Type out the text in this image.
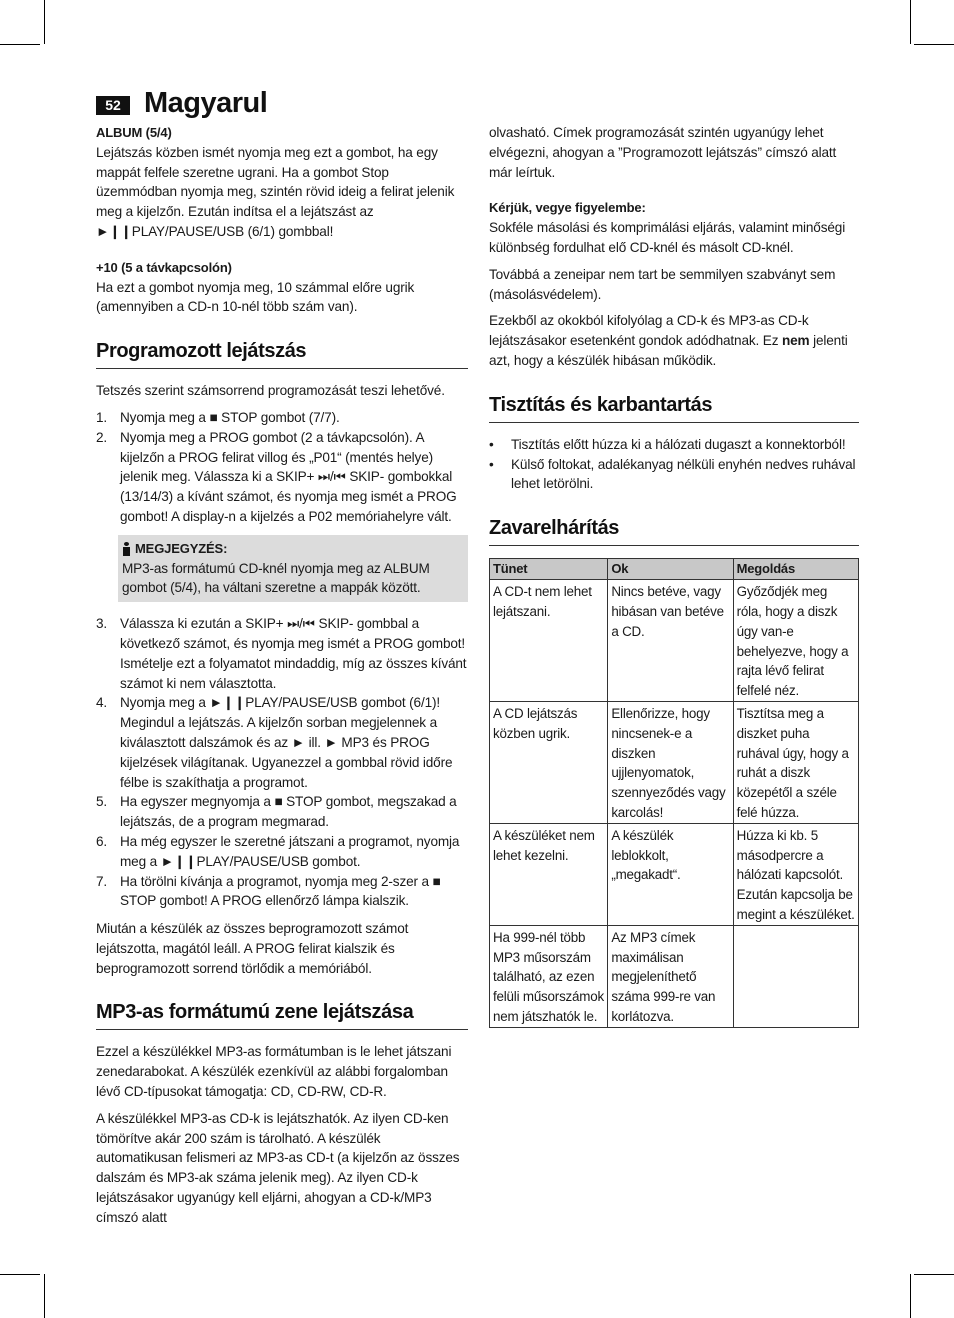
52 Magyarul

ALBUM (5/4)

Lejátszás közben ismét nyomja meg ezt a gombot, ha egy mappát felfele szeretne ugrani. Ha a gombot Stop üzemmódban nyomja meg, szintén rövid ideig a felirat jelenik meg a kijelzőn. Ezután indítsa el a lejátszást az ►❙❙PLAY/PAUSE/USB (6/1) gombbal!

+10 (5 a távkapcsolón)

Ha ezt a gombot nyomja meg, 10 számmal előre ugrik (amennyiben a CD-n 10-nél több szám van).

Programozott lejátszás

Tetszés szerint számsorrend programozását teszi lehetővé.

1. Nyomja meg a ■ STOP gombot (7/7).
2. Nyomja meg a PROG gombot (2 a távkapcsolón). A kijelzőn a PROG felirat villog és „P01“ (mentés helye) jelenik meg. Válassza ki a SKIP+ ⏭/⏮ SKIP- gombokkal (13/14/3) a kívánt számot, és nyomja meg ismét a PROG gombot! A display-n a kijelzés a P02 memóriahelyre vált.
MEGJEGYZÉS:
MP3-as formátumú CD-knél nyomja meg az ALBUM gombot (5/4), ha váltani szeretne a mappák között.
3. Válassza ki ezután a SKIP+ ⏭/⏮ SKIP- gombbal a következő számot, és nyomja meg ismét a PROG gombot! Ismételje ezt a folyamatot mindaddig, míg az összes kívánt számot ki nem választotta.
4. Nyomja meg a ►❙❙PLAY/PAUSE/USB gombot (6/1)! Megindul a lejátszás. A kijelzőn sorban megjelennek a kiválasztott dalszámok és az ► ill. ► MP3 és PROG kijelzések világítanak. Ugyanezzel a gombbal rövid időre félbe is szakíthatja a programot.
5. Ha egyszer megnyomja a ■ STOP gombot, megszakad a lejátszás, de a program megmarad.
6. Ha még egyszer le szeretné játszani a programot, nyomja meg a ►❙❙PLAY/PAUSE/USB gombot.
7. Ha törölni kívánja a programot, nyomja meg 2-szer a ■ STOP gombot! A PROG ellenőrző lámpa kialszik.

Miután a készülék az összes beprogramozott számot lejátszotta, magától leáll. A PROG felirat kialszik és beprogramozott sorrend törlődik a memóriából.

MP3-as formátumú zene lejátszása

Ezzel a készülékkel MP3-as formátumban is le lehet játszani zenedarabokat. A készülék ezenkívül az alábbi forgalomban lévő CD-típusokat támogatja: CD, CD-RW, CD-R.

A készülékkel MP3-as CD-k is lejátszhatók. Az ilyen CD-ken tömörítve akár 200 szám is tárolható. A készülék automatikusan felismeri az MP3-as CD-t (a kijelzőn az összes dalszám és MP3-ak száma jelenik meg). Az ilyen CD-k lejátszásakor ugyanúgy kell eljárni, ahogyan a CD-k/MP3 címszó alatt

olvasható. Címek programozását szintén ugyanúgy lehet elvégezni, ahogyan a ”Programozott lejátszás” címszó alatt már leírtuk.

Kérjük, vegye figyelembe:

Sokféle másolási és komprimálási eljárás, valamint minőségi különbség fordulhat elő CD-knél és másolt CD-knél.

Továbbá a zeneipar nem tart be semmilyen szabványt sem (másolásvédelem).

Ezekből az okokból kifolyólag a CD-k és MP3-as CD-k lejátszásakor esetenként gondok adódhatnak. Ez nem jelenti azt, hogy a készülék hibásan működik.

Tisztítás és karbantartás
• Tisztítás előtt húzza ki a hálózati dugaszt a konnektorból!
• Külső foltokat, adalékanyag nélküli enyhén nedves ruhával lehet letörölni.
Zavarelhárítás
Tünet	Ok	Megoldás
A CD-t nem lehet lejátszani.	Nincs betéve, vagy hibásan van betéve a CD.	Győződjék meg róla, hogy a diszk úgy van-e behelyezve, hogy a rajta lévő felirat felfelé néz.
A CD lejátszás közben ugrik.	Ellenőrizze, hogy nincsenek-e a diszken ujjlenyomatok, szennyeződés vagy karcolás!	Tisztítsa meg a diszket puha ruhával úgy, hogy a ruhát a diszk közepétől a széle felé húzza.
A készüléket nem lehet kezelni.	A készülék leblokkolt, „megakadt“.	Húzza ki kb. 5 másodpercre a hálózati kapcsolót. Ezután kapcsolja be megint a készüléket.
Ha 999-nél több MP3 műsorszám található, az ezen felüli műsorszámok nem játszhatók le.	Az MP3 címek maximálisan megjeleníthető száma 999-re van korlátozva.	
